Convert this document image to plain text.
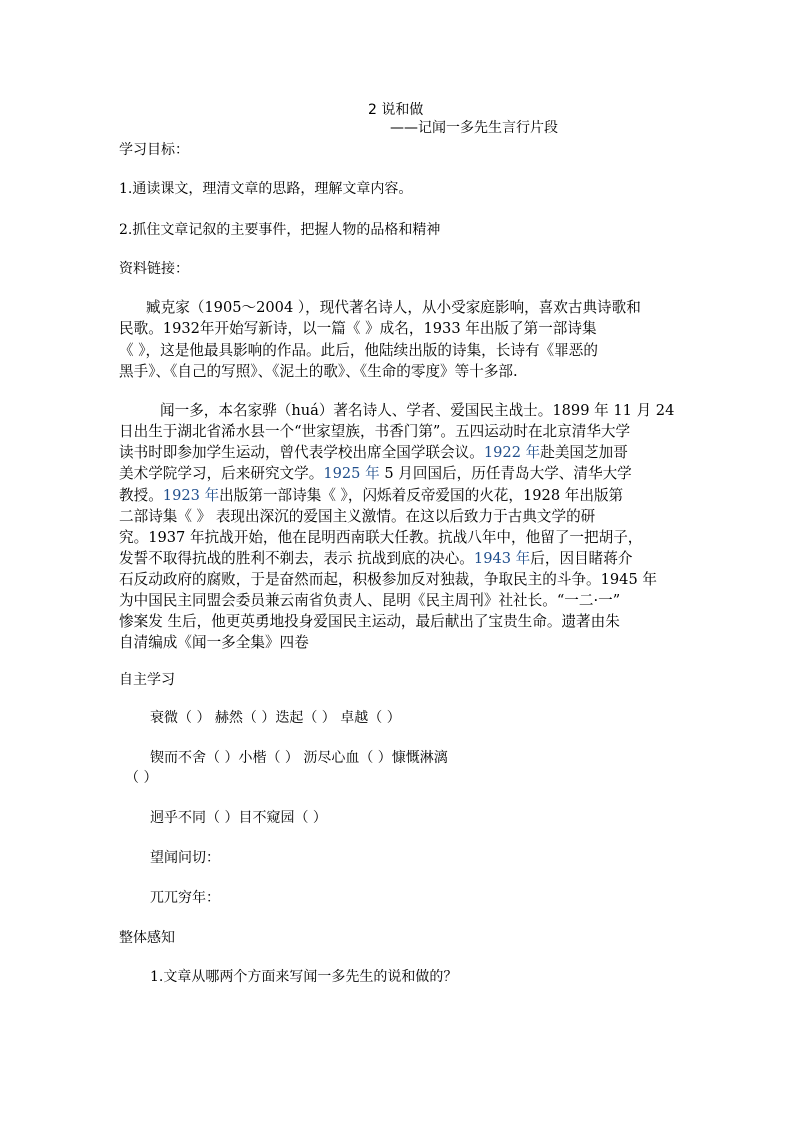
2 说和做
——记闻一多先生言行片段
学习目标：
1.通读课文，理清文章的思路，理解文章内容。
2.抓住文章记叙的主要事件，把握人物的品格和精神
资料链接：
臧克家（1905～2004 ），现代著名诗人，从小受家庭影响，喜欢古典诗歌和
民歌。1932年开始写新诗，以一篇《 》成名，1933 年出版了第一部诗集
《 》，这是他最具影响的作品。此后，他陆续出版的诗集，长诗有《罪恶的
黑手》、《自己的写照》、《泥土的歌》、《生命的零度》等十多部.
闻一多，本名家骅（huá）著名诗人、学者、爱国民主战士。1899 年 11 月 24
日出生于湖北省浠水县一个“世家望族，书香门第”。五四运动时在北京清华大学
读书时即参加学生运动，曾代表学校出席全国学联会议。1922 年赴美国芝加哥
美术学院学习，后来研究文学。1925 年 5 月回国后，历任青岛大学、清华大学
教授。1923 年出版第一部诗集《 》，闪烁着反帝爱国的火花，1928 年出版第
二部诗集《 》 表现出深沉的爱国主义激情。在这以后致力于古典文学的研
究。1937 年抗战开始，他在昆明西南联大任教。抗战八年中，他留了一把胡子，
发誓不取得抗战的胜利不剃去，表示 抗战到底的决心。1943 年后，因目睹蒋介
石反动政府的腐败，于是奋然而起，积极参加反对独裁，争取民主的斗争。1945 年
为中国民主同盟会委员兼云南省负责人、昆明《民主周刊》社社长。“一二·一”
惨案发 生后，他更英勇地投身爱国民主运动，最后献出了宝贵生命。遗著由朱
自清编成《闻一多全集》四卷
自主学习
衰微（ ） 赫然（ ）迭起（ ） 卓越（ ）
锲而不舍（ ）小楷（ ） 沥尽心血（ ）慷慨淋漓
（ ）
迥乎不同（ ）目不窥园（ ）
望闻问切：
兀兀穷年：
整体感知
1.文章从哪两个方面来写闻一多先生的说和做的？
